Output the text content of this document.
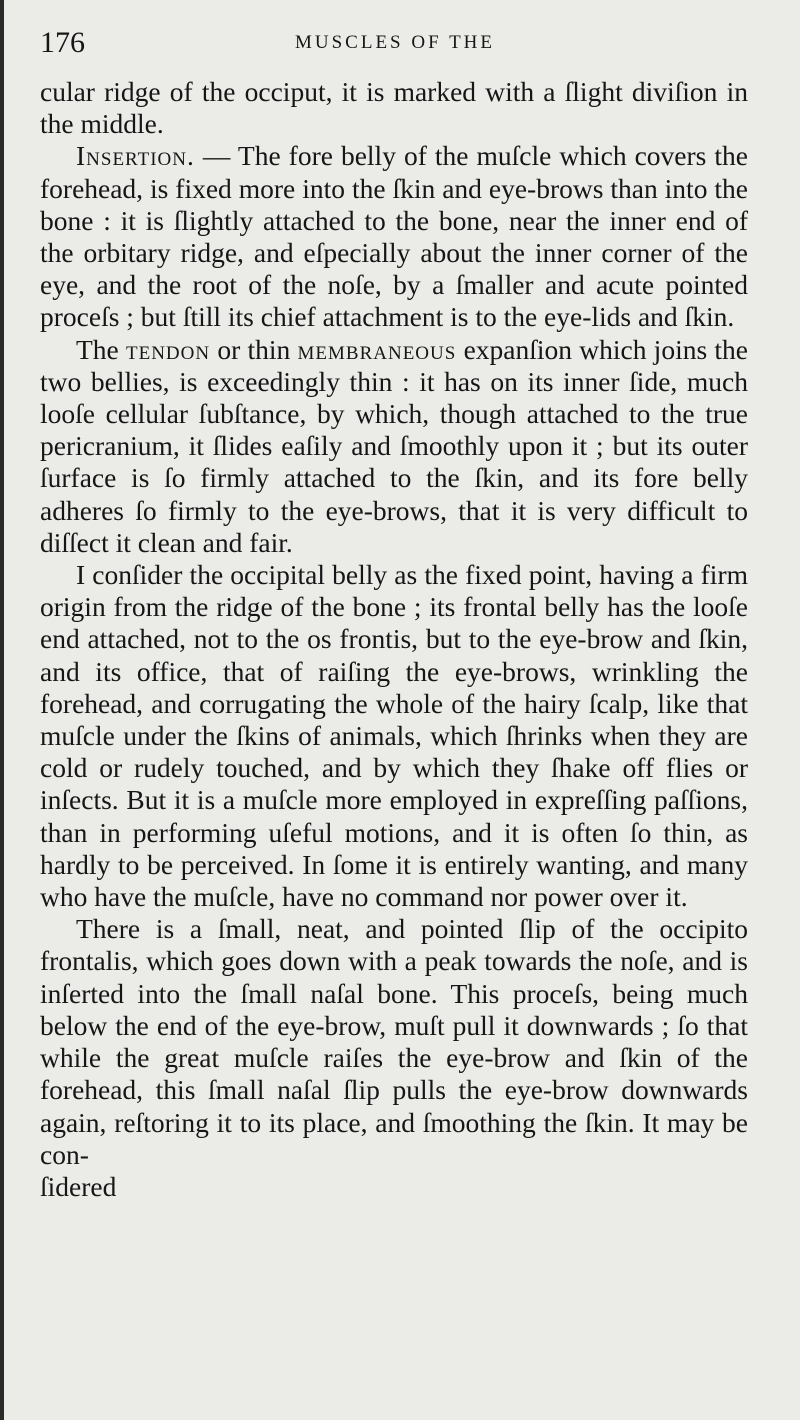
176	MUSCLES OF THE

cular ridge of the occiput, it is marked with a ſlight diviſion in the middle.

Insertion. — The fore belly of the muſcle which covers the forehead, is fixed more into the ſkin and eye-brows than into the bone : it is ſlightly attached to the bone, near the inner end of the orbitary ridge, and eſpecially about the inner corner of the eye, and the root of the noſe, by a ſmaller and acute pointed proceſs ; but ſtill its chief attachment is to the eye-lids and ſkin.

The tendon or thin membraneous expanſion which joins the two bellies, is exceedingly thin : it has on its inner ſide, much looſe cellular ſubſtance, by which, though attached to the true pericranium, it ſlides eaſily and ſmoothly upon it ; but its outer ſurface is ſo firmly attached to the ſkin, and its fore belly adheres ſo firmly to the eye-brows, that it is very difficult to diſſect it clean and fair.

I conſider the occipital belly as the fixed point, having a firm origin from the ridge of the bone ; its frontal belly has the looſe end attached, not to the os frontis, but to the eye-brow and ſkin, and its office, that of raiſing the eye-brows, wrinkling the forehead, and corrugating the whole of the hairy ſcalp, like that muſcle under the ſkins of animals, which ſhrinks when they are cold or rudely touched, and by which they ſhake off flies or inſects. But it is a muſcle more employed in expreſſing paſſions, than in performing uſeful motions, and it is often ſo thin, as hardly to be perceived. In ſome it is entirely wanting, and many who have the muſcle, have no command nor power over it.

There is a ſmall, neat, and pointed ſlip of the occipito frontalis, which goes down with a peak towards the noſe, and is inſerted into the ſmall naſal bone. This proceſs, being much below the end of the eye-brow, muſt pull it downwards ; ſo that while the great muſcle raiſes the eye-brow and ſkin of the forehead, this ſmall naſal ſlip pulls the eye-brow downwards again, reſtoring it to its place, and ſmoothing the ſkin. It may be con-

ſidered
